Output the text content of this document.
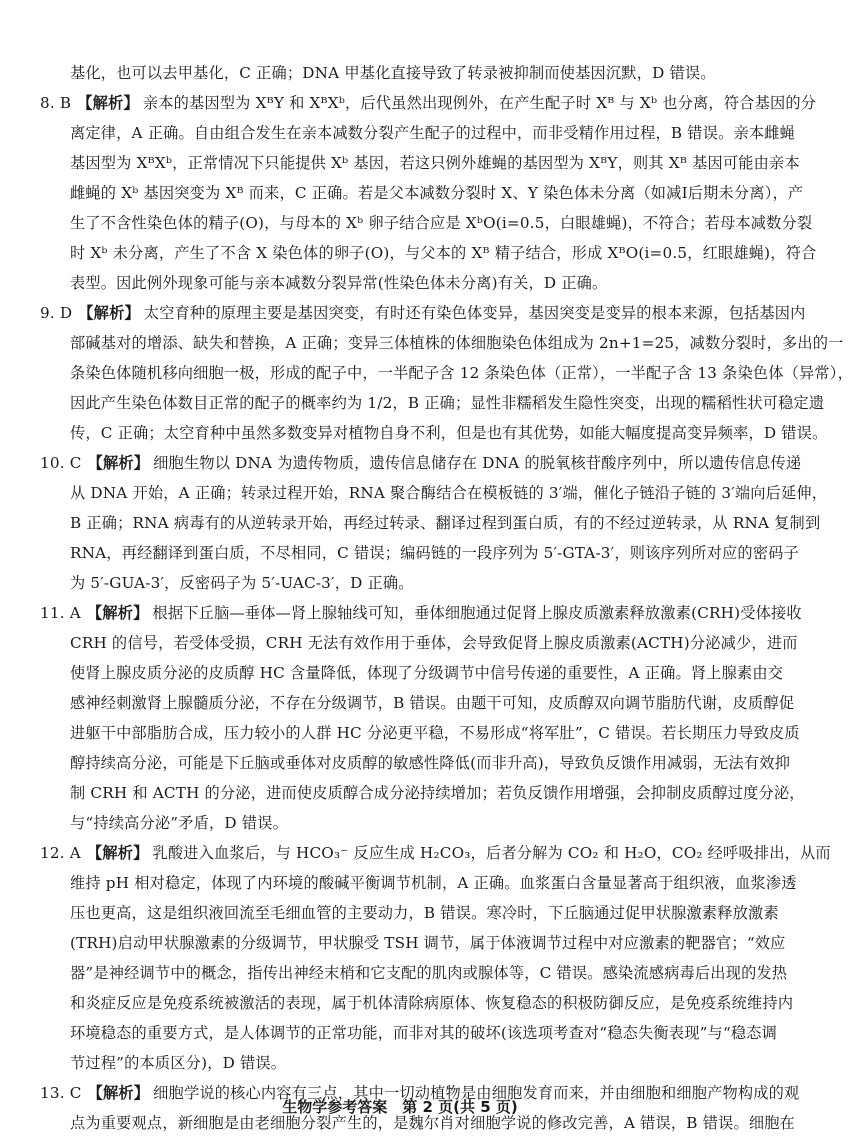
基化，也可以去甲基化，C 正确；DNA 甲基化直接导致了转录被抑制而使基因沉默，D 错误。
8. B 【解析】 亲本的基因型为 XᴮY 和 XᴮXᵇ，后代虽然出现例外，在产生配子时 Xᴮ 与 Xᵇ 也分离，符合基因的分
离定律，A 正确。自由组合发生在亲本减数分裂产生配子的过程中，而非受精作用过程，B 错误。亲本雌蝇
基因型为 XᴮXᵇ，正常情况下只能提供 Xᵇ 基因，若这只例外雄蝇的基因型为 XᴮY，则其 Xᴮ 基因可能由亲本
雌蝇的 Xᵇ 基因突变为 Xᴮ 而来，C 正确。若是父本减数分裂时 X、Y 染色体未分离（如减Ⅰ后期未分离），产
生了不含性染色体的精子(O)，与母本的 Xᵇ 卵子结合应是 XᵇO(i=0.5，白眼雄蝇)，不符合；若母本减数分裂
时 Xᵇ 未分离，产生了不含 X 染色体的卵子(O)，与父本的 Xᴮ 精子结合，形成 XᴮO(i=0.5，红眼雄蝇)，符合
表型。因此例外现象可能与亲本减数分裂异常(性染色体未分离)有关，D 正确。
9. D 【解析】 太空育种的原理主要是基因突变，有时还有染色体变异，基因突变是变异的根本来源，包括基因内
部碱基对的增添、缺失和替换，A 正确；变异三体植株的体细胞染色体组成为 2n+1=25，减数分裂时，多出的一
条染色体随机移向细胞一极，形成的配子中，一半配子含 12 条染色体（正常），一半配子含 13 条染色体（异常），
因此产生染色体数目正常的配子的概率约为 1/2，B 正确；显性非糯稻发生隐性突变，出现的糯稻性状可稳定遗
传，C 正确；太空育种中虽然多数变异对植物自身不利，但是也有其优势，如能大幅度提高变异频率，D 错误。
10. C 【解析】 细胞生物以 DNA 为遗传物质，遗传信息储存在 DNA 的脱氧核苷酸序列中，所以遗传信息传递
从 DNA 开始，A 正确；转录过程开始，RNA 聚合酶结合在模板链的 3′端，催化子链沿子链的 3′端向后延伸，
B 正确；RNA 病毒有的从逆转录开始，再经过转录、翻译过程到蛋白质，有的不经过逆转录，从 RNA 复制到
RNA，再经翻译到蛋白质，不尽相同，C 错误；编码链的一段序列为 5′-GTA-3′，则该序列所对应的密码子
为 5′-GUA-3′，反密码子为 5′-UAC-3′，D 正确。
11. A 【解析】 根据下丘脑—垂体—肾上腺轴线可知，垂体细胞通过促肾上腺皮质激素释放激素(CRH)受体接收
CRH 的信号，若受体受损，CRH 无法有效作用于垂体，会导致促肾上腺皮质激素(ACTH)分泌减少，进而
使肾上腺皮质分泌的皮质醇 HC 含量降低，体现了分级调节中信号传递的重要性，A 正确。肾上腺素由交
感神经刺激肾上腺髓质分泌，不存在分级调节，B 错误。由题干可知，皮质醇双向调节脂肪代谢，皮质醇促
进躯干中部脂肪合成，压力较小的人群 HC 分泌更平稳，不易形成“将军肚”，C 错误。若长期压力导致皮质
醇持续高分泌，可能是下丘脑或垂体对皮质醇的敏感性降低(而非升高)，导致负反馈作用减弱，无法有效抑
制 CRH 和 ACTH 的分泌，进而使皮质醇合成分泌持续增加；若负反馈作用增强，会抑制皮质醇过度分泌，
与“持续高分泌”矛盾，D 错误。
12. A 【解析】 乳酸进入血浆后，与 HCO₃⁻ 反应生成 H₂CO₃，后者分解为 CO₂ 和 H₂O，CO₂ 经呼吸排出，从而
维持 pH 相对稳定，体现了内环境的酸碱平衡调节机制，A 正确。血浆蛋白含量显著高于组织液，血浆渗透
压也更高，这是组织液回流至毛细血管的主要动力，B 错误。寒冷时，下丘脑通过促甲状腺激素释放激素
(TRH)启动甲状腺激素的分级调节，甲状腺受 TSH 调节，属于体液调节过程中对应激素的靶器官；“效应
器”是神经调节中的概念，指传出神经末梢和它支配的肌肉或腺体等，C 错误。感染流感病毒后出现的发热
和炎症反应是免疫系统被激活的表现，属于机体清除病原体、恢复稳态的积极防御反应，是免疫系统维持内
环境稳态的重要方式，是人体调节的正常功能，而非对其的破坏(该选项考查对“稳态失衡表现”与“稳态调
节过程”的本质区分)，D 错误。
13. C 【解析】 细胞学说的核心内容有三点，其中一切动植物是由细胞发育而来，并由细胞和细胞产物构成的观
点为重要观点，新细胞是由老细胞分裂产生的，是魏尔肖对细胞学说的修改完善，A 错误，B 错误。细胞在
生物学参考答案　第 2 页(共 5 页)
